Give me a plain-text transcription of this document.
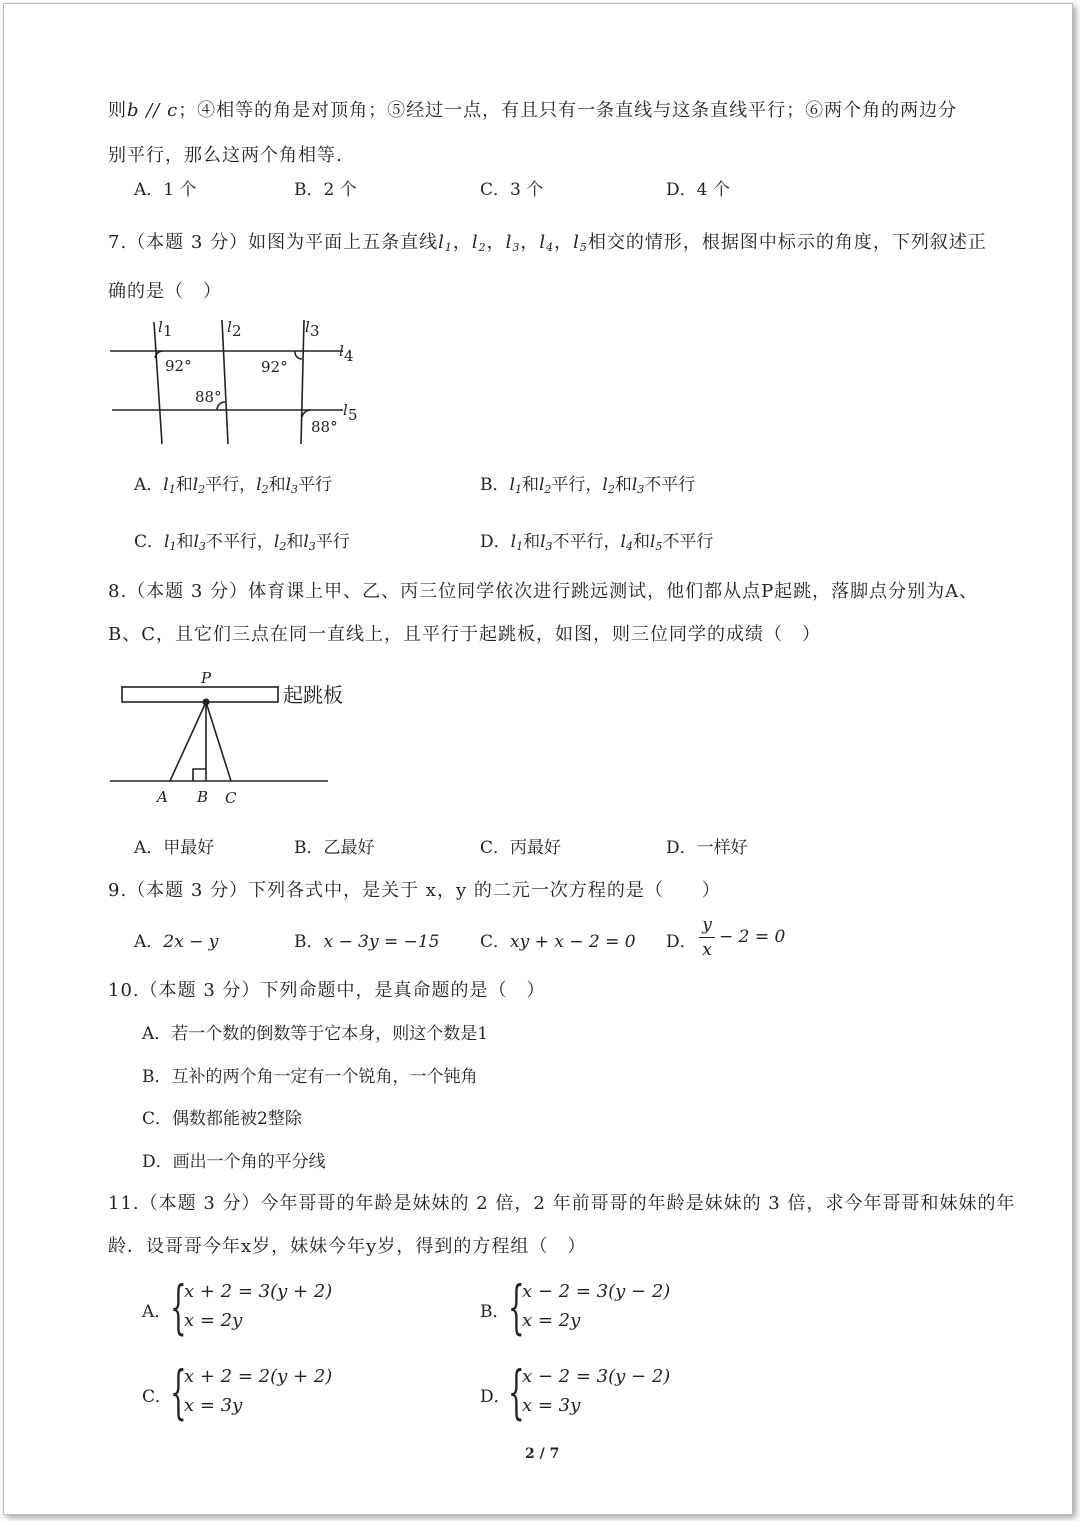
则b // c；④相等的角是对顶角；⑤经过一点，有且只有一条直线与这条直线平行；⑥两个角的两边分
别平行，那么这两个角相等.
A．1 个	B．2 个	C．3 个	D．4 个
7.（本题 3 分）如图为平面上五条直线$l_1$，$l_2$，$l_3$，$l_4$，$l_5$相交的情形，根据图中标示的角度，下列叙述正
确的是（　）
l 1	l 2	l 3
l 4
l 5
92°	92°
88°
88°
A．$l_1$和$l_2$平行，$l_2$和$l_3$平行	B．$l_1$和$l_2$平行，$l_2$和$l_3$不平行
C．$l_1$和$l_3$不平行，$l_2$和$l_3$平行	D．$l_1$和$l_3$不平行，$l_4$和$l_5$不平行
8.（本题 3 分）体育课上甲、乙、丙三位同学依次进行跳远测试，他们都从点P起跳，落脚点分别为A、
B、C，且它们三点在同一直线上，且平行于起跳板，如图，则三位同学的成绩（　）
P
起跳板
A B C
A．甲最好	B．乙最好	C．丙最好	D．一样好
9.（本题 3 分）下列各式中，是关于 x，y 的二元一次方程的是（　　）
A．2x − y	B．x − 3y = −15 C．xy + x − 2 = 0 D．
y
x
− 2 = 0
10.（本题 3 分）下列命题中，是真命题的是（　）
A．若一个数的倒数等于它本身，则这个数是1
B．互补的两个角一定有一个锐角，一个钝角
C．偶数都能被2整除
D．画出一个角的平分线
11.（本题 3 分）今年哥哥的年龄是妹妹的 2 倍，2 年前哥哥的年龄是妹妹的 3 倍，求今年哥哥和妹妹的年
龄．设哥哥今年x岁，妹妹今年y岁，得到的方程组（　）
A．
{
x + 2 = 3(y + 2)
x = 2y	B．
{
x − 2 = 3(y − 2)
x = 2y
C．
{
x + 2 = 2(y + 2)
x = 3y	D．
{
x − 2 = 3(y − 2)
x = 3y
2 / 7
